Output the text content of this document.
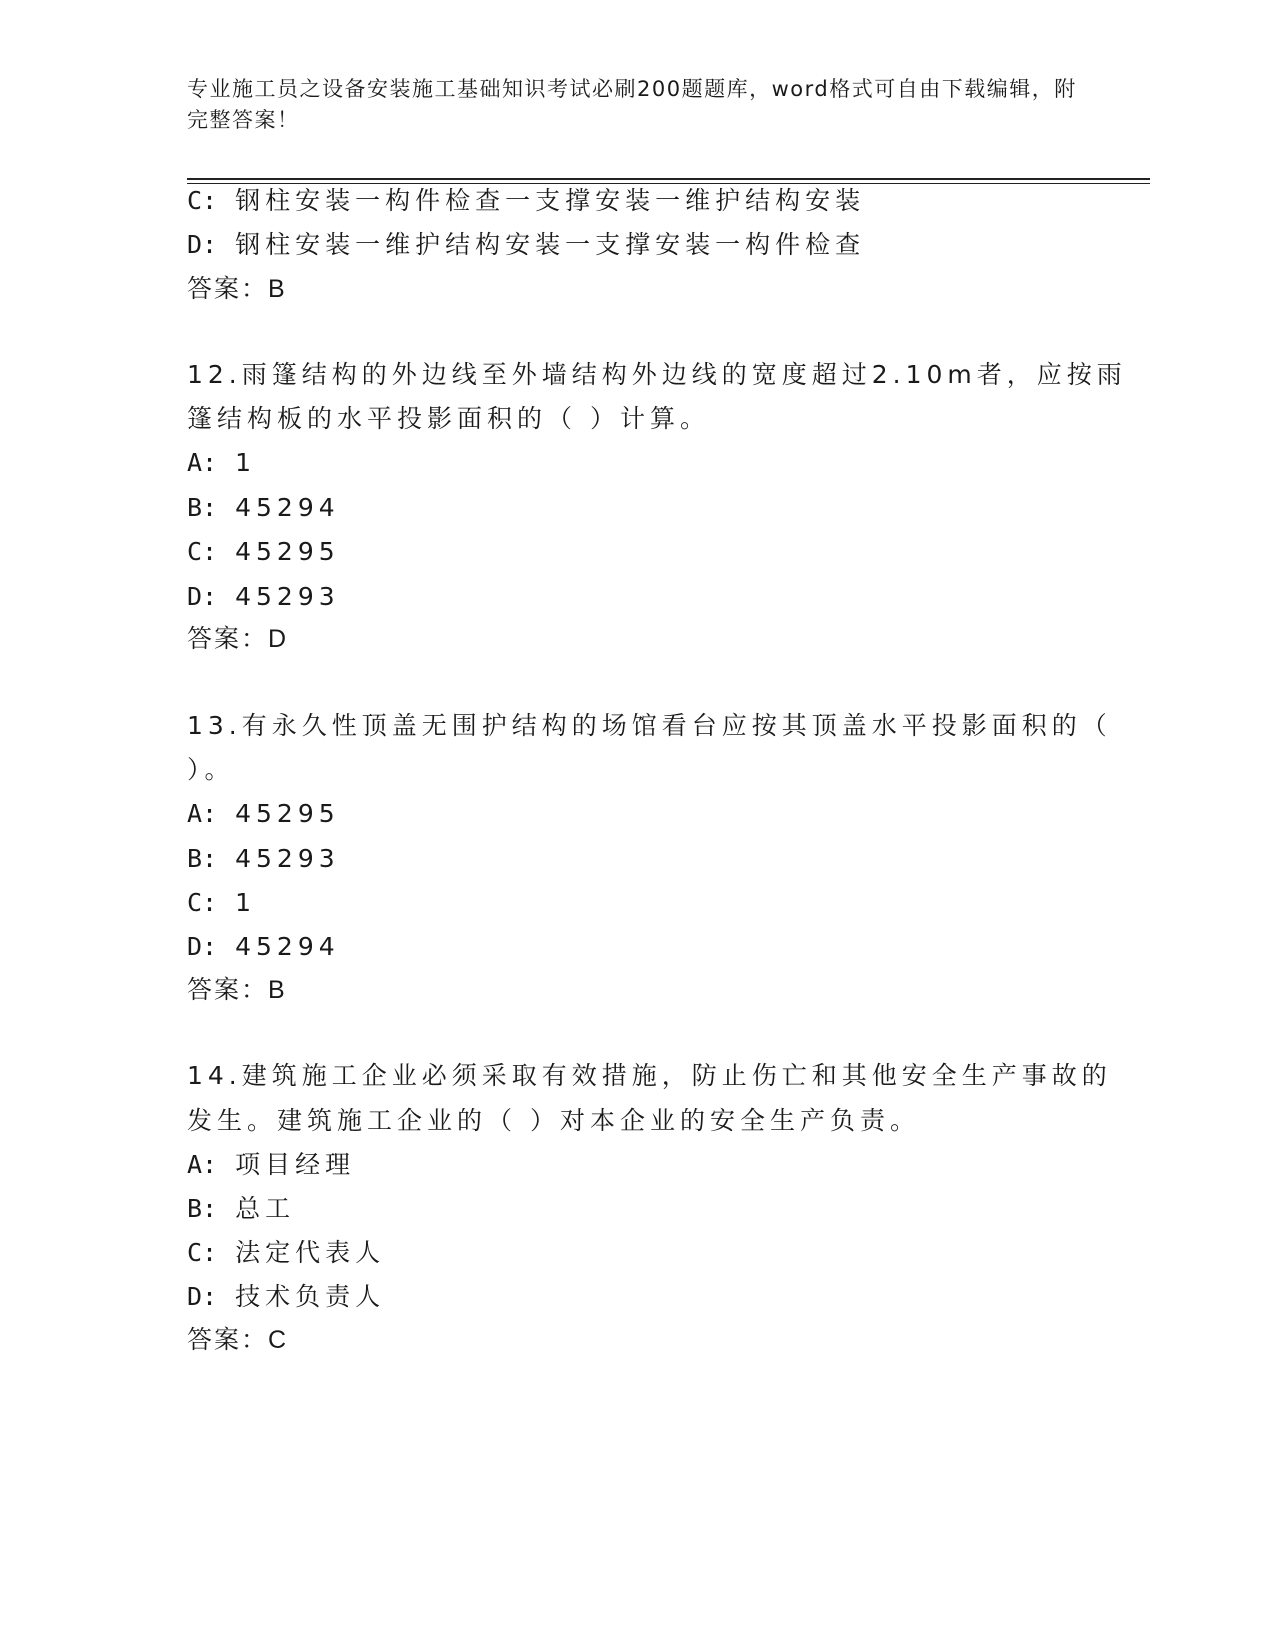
专业施工员之设备安装施工基础知识考试必刷200题题库，word格式可自由下载编辑，附完整答案！
C: 钢柱安装一构件检查一支撑安装一维护结构安装
D: 钢柱安装一维护结构安装一支撑安装一构件检查
答案：B
12.雨篷结构的外边线至外墙结构外边线的宽度超过2.10m者，应按雨
篷结构板的水平投影面积的（ ）计算。
A: 1
B: 45294
C: 45295
D: 45293
答案：D
13.有永久性顶盖无围护结构的场馆看台应按其顶盖水平投影面积的（
）。
A: 45295
B: 45293
C: 1
D: 45294
答案：B
14.建筑施工企业必须采取有效措施，防止伤亡和其他安全生产事故的
发生。建筑施工企业的（ ）对本企业的安全生产负责。
A: 项目经理
B: 总工
C: 法定代表人
D: 技术负责人
答案：C
